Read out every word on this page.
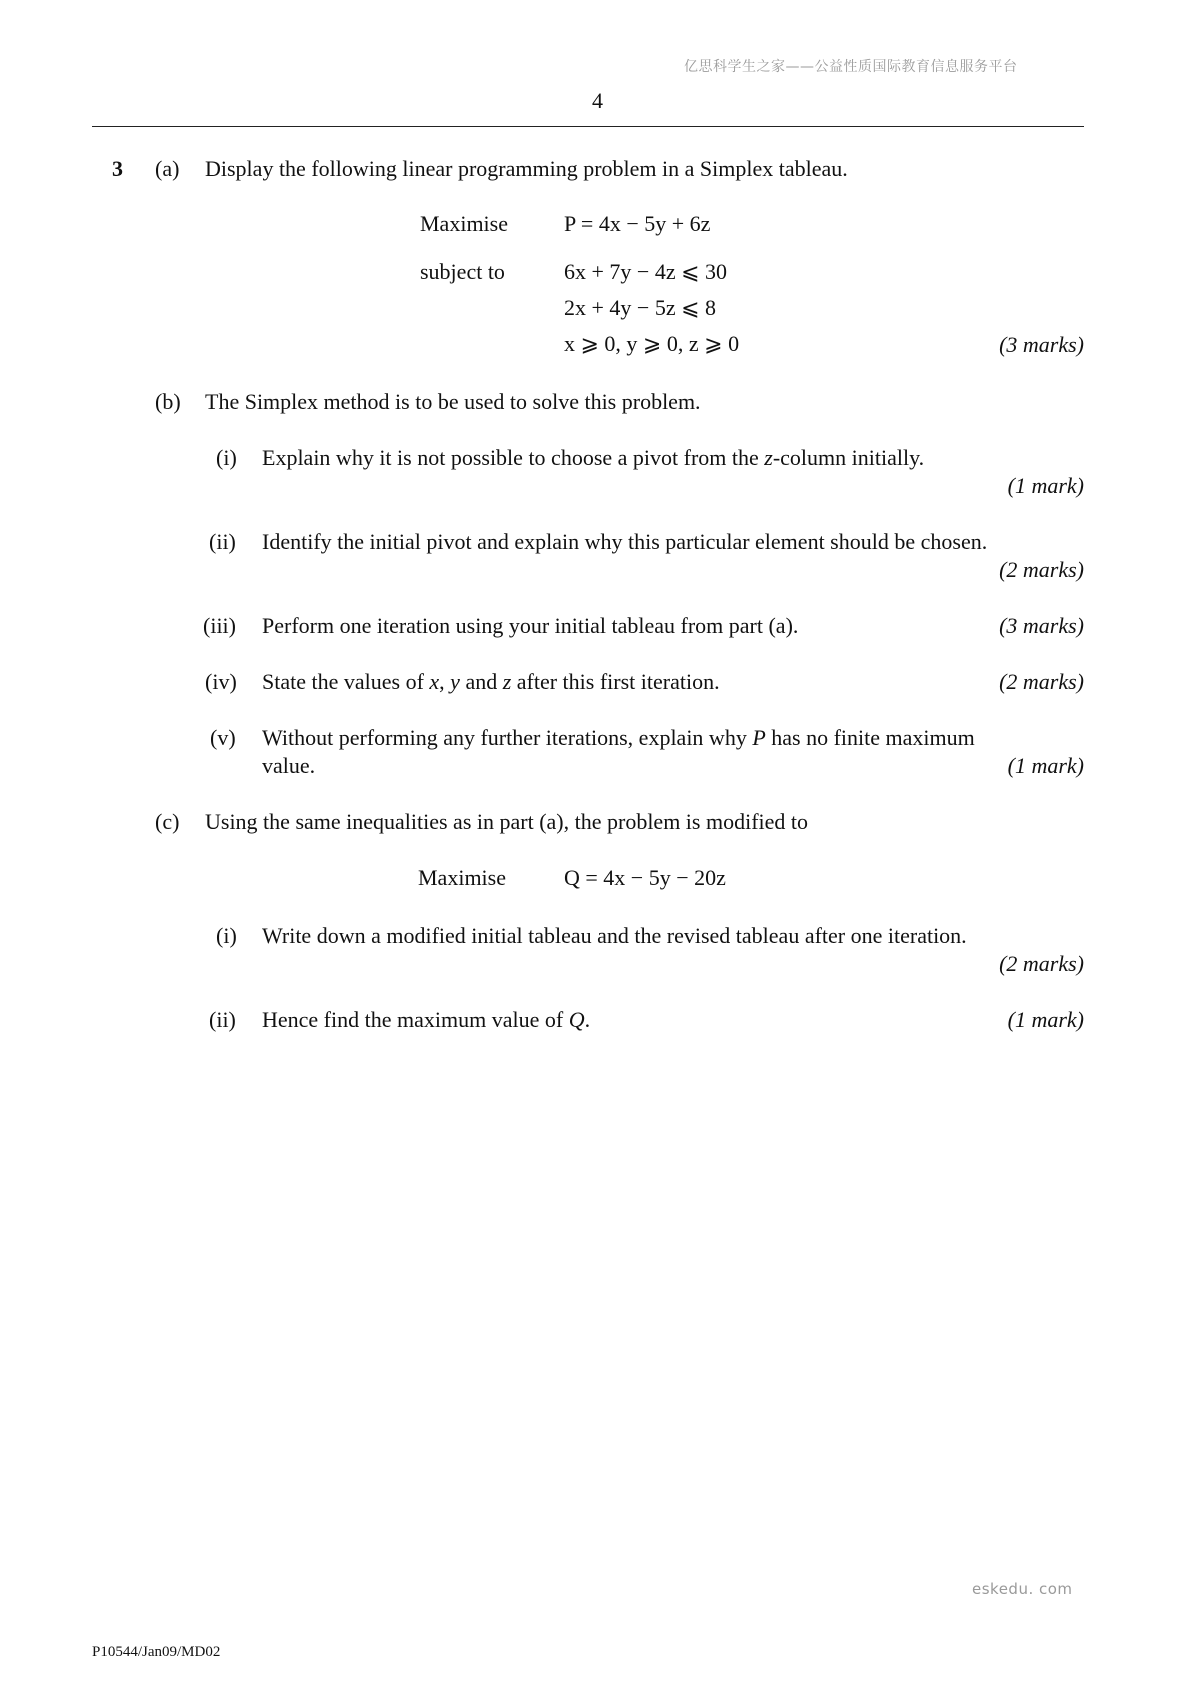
亿思科学生之家——公益性质国际教育信息服务平台
4
3 (a) Display the following linear programming problem in a Simplex tableau.
Maximise	P = 4x − 5y + 6z
subject to	6x + 7y − 4z ⩽ 30
2x + 4y − 5z ⩽ 8
x ⩾ 0, y ⩾ 0, z ⩾ 0	(3 marks)
(b) The Simplex method is to be used to solve this problem.
(i) Explain why it is not possible to choose a pivot from the z-column initially.
(1 mark)
(ii) Identify the initial pivot and explain why this particular element should be chosen.
(2 marks)
(iii) Perform one iteration using your initial tableau from part (a).	(3 marks)
(iv) State the values of x, y and z after this first iteration.	(2 marks)
(v) Without performing any further iterations, explain why P has no finite maximum
value.	(1 mark)
(c) Using the same inequalities as in part (a), the problem is modified to
Maximise	Q = 4x − 5y − 20z
(i) Write down a modified initial tableau and the revised tableau after one iteration.
(2 marks)
(ii) Hence find the maximum value of Q.	(1 mark)
eskedu. com
P10544/Jan09/MD02
